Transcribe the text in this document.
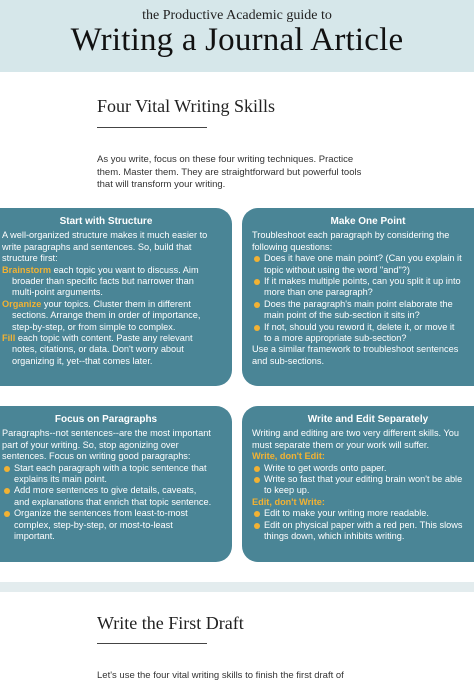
the Productive Academic guide to
Writing a Journal Article
Four Vital Writing Skills
As you write, focus on these four writing techniques. Practice them. Master them. They are straightforward but powerful tools that will transform your writing.
Start with Structure
A well-organized structure makes it much easier to
write paragraphs and sentences. So, build that
structure first:
Brainstorm each topic you want to discuss. Aim
broader than specific facts but narrower than
multi-point arguments.
Organize your topics. Cluster them in different
sections. Arrange them in order of importance,
step-by-step, or from simple to complex.
Fill each topic with content. Paste any relevant
notes, citations, or data. Don't worry about
organizing it, yet--that comes later.
Make One Point
Troubleshoot each paragraph by considering the
following questions:
Does it have one main point? (Can you explain it
topic without using the word "and"?)
If it makes multiple points, can you split it up into
more than one paragraph?
Does the paragraph's main point elaborate the
main point of the sub-section it sits in?
If not, should you reword it, delete it, or move it
to a more appropriate sub-section?
Use a similar framework to troubleshoot sentences
and sub-sections.
Focus on Paragraphs
Paragraphs--not sentences--are the most important
part of your writing. So, stop agonizing over
sentences. Focus on writing good paragraphs:
Start each paragraph with a topic sentence that
explains its main point.
Add more sentences to give details, caveats,
and explanations that enrich that topic sentence.
Organize the sentences from least-to-most
complex, step-by-step, or most-to-least
important.
Write and Edit Separately
Writing and editing are two very different skills. You
must separate them or your work will suffer.
Write, don't Edit:
Write to get words onto paper.
Write so fast that your editing brain won't be able
to keep up.
Edit, don't Write:
Edit to make your writing more readable.
Edit on physical paper with a red pen. This slows
things down, which inhibits writing.
Write the First Draft
Let's use the four vital writing skills to finish the first draft of
